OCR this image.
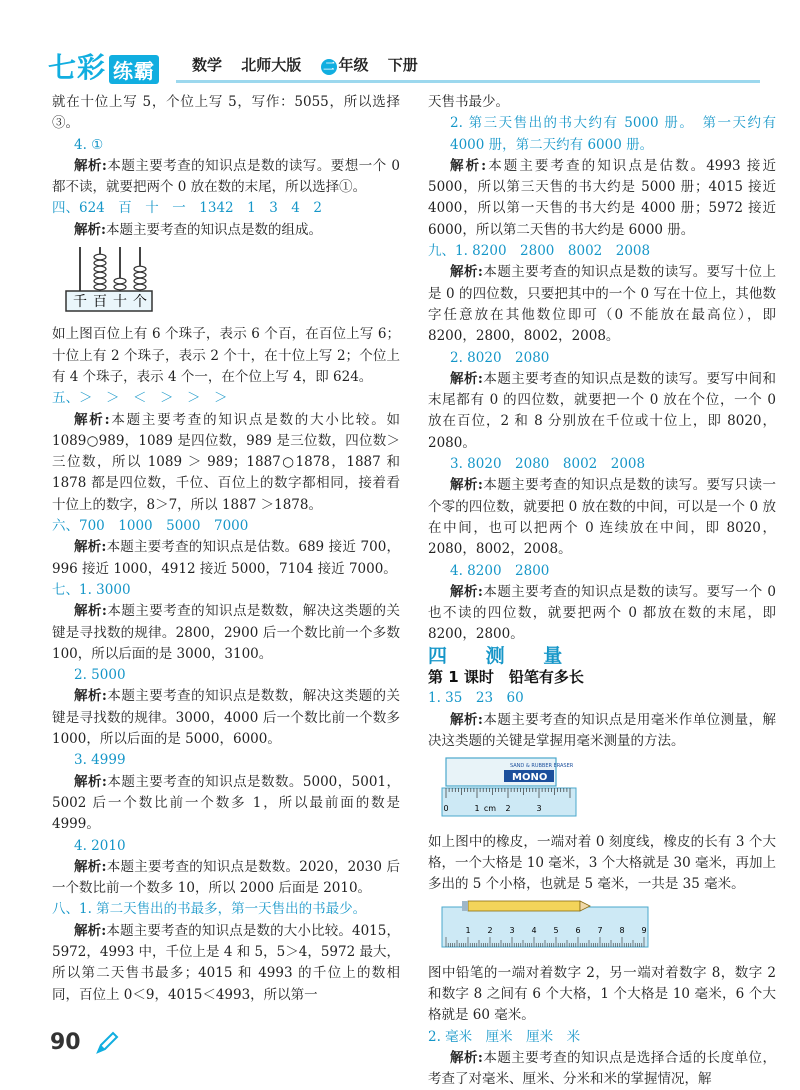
七彩 练霸 数学 北师大版 二 年级 下册

就在十位上写 5，个位上写 5，写作：5055，所以选择③。

4. ①

解析:本题主要考查的知识点是数的读写。要想一个 0 都不读，就要把两个 0 放在数的末尾，所以选择①。

四、624　百　十　一　1342　1　3　4　2

解析:本题主要考查的知识点是数的组成。

千 百 十 个

如上图百位上有 6 个珠子，表示 6 个百，在百位上写 6；十位上有 2 个珠子，表示 2 个十，在十位上写 2；个位上有 4 个珠子，表示 4 个一，在个位上写 4，即 624。

五、＞　＞　＜　＞　＞　＞

解析:本题主要考查的知识点是数的大小比较。如 1089○989，1089 是四位数，989 是三位数，四位数＞三位数，所以 1089 ＞ 989；1887○1878，1887 和 1878 都是四位数，千位、百位上的数字都相同，接着看十位上的数字，8＞7，所以 1887 ＞1878。

六、700　1000　5000　7000

解析:本题主要考查的知识点是估数。689 接近 700，996 接近 1000，4912 接近 5000，7104 接近 7000。

七、1. 3000

解析:本题主要考查的知识点是数数，解决这类题的关键是寻找数的规律。2800，2900 后一个数比前一个多数 100，所以后面的是 3000，3100。

2. 5000

解析:本题主要考查的知识点是数数，解决这类题的关键是寻找数的规律。3000，4000 后一个数比前一个数多 1000，所以后面的是 5000，6000。

3. 4999

解析:本题主要考查的知识点是数数。5000，5001，5002 后一个数比前一个数多 1，所以最前面的数是 4999。

4. 2010

解析:本题主要考查的知识点是数数。2020，2030 后一个数比前一个数多 10，所以 2000 后面是 2010。

八、1. 第二天售出的书最多，第一天售出的书最少。

解析:本题主要考查的知识点是数的大小比较。4015，5972，4993 中，千位上是 4 和 5，5＞4，5972 最大，所以第二天售书最多；4015 和 4993 的千位上的数相同，百位上 0＜9，4015＜4993，所以第一

天售书最少。

2. 第三天售出的书大约有 5000 册。　第一天约有 4000 册，第二天约有 6000 册。

解析:本题主要考查的知识点是估数。4993 接近 5000，所以第三天售的书大约是 5000 册；4015 接近 4000，所以第一天售的书大约是 4000 册；5972 接近 6000，所以第二天售的书大约是 6000 册。

九、1. 8200　2800　8002　2008

解析:本题主要考查的知识点是数的读写。要写十位上是 0 的四位数，只要把其中的一个 0 写在十位上，其他数字任意放在其他数位即可（0 不能放在最高位），即 8200，2800，8002，2008。

2. 8020　2080

解析:本题主要考查的知识点是数的读写。要写中间和末尾都有 0 的四位数，就要把一个 0 放在个位，一个 0 放在百位，2 和 8 分别放在千位或十位上，即 8020，2080。

3. 8020　2080　8002　2008

解析:本题主要考查的知识点是数的读写。要写只读一个零的四位数，就要把 0 放在数的中间，可以是一个 0 放在中间，也可以把两个 0 连续放在中间，即 8020，2080，8002，2008。

4. 8200　2800

解析:本题主要考查的知识点是数的读写。要写一个 0 也不读的四位数，就要把两个 0 都放在数的末尾，即 8200，2800。

四 测 量

第 1 课时　铅笔有多长

1. 35　23　60

解析:本题主要考查的知识点是用毫米作单位测量，解决这类题的关键是掌握用毫米测量的方法。

SAND & RUBBER ERASER
MONO
0	1 cm 2	3

如上图中的橡皮，一端对着 0 刻度线，橡皮的长有 3 个大格，一个大格是 10 毫米，3 个大格就是 30 毫米，再加上多出的 5 个小格，也就是 5 毫米，一共是 35 毫米。

1 2 3 4 5 6 7 8 9

图中铅笔的一端对着数字 2，另一端对着数字 8，数字 2 和数字 8 之间有 6 个大格，1 个大格是 10 毫米，6 个大格就是 60 毫米。

2. 毫米　厘米　厘米　米

解析:本题主要考查的知识点是选择合适的长度单位，考查了对毫米、厘米、分米和米的掌握情况，解

90
